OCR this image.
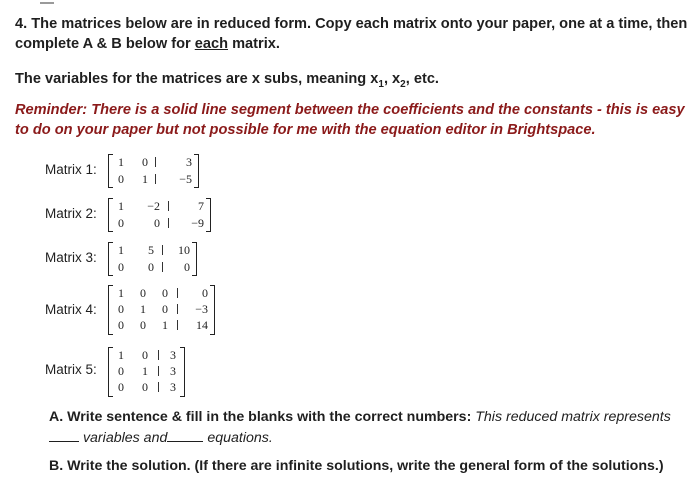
4. The matrices below are in reduced form. Copy each matrix onto your paper, one at a time, then complete A & B below for each matrix.
The variables for the matrices are x subs, meaning $x_1$, $x_2$, etc.
Reminder: There is a solid line segment between the coefficients and the constants - this is easy to do on your paper but not possible for me with the equation editor in Brightspace.
Matrix 1:	1	0	3
0	1	−5
Matrix 2:	1	−2	7
0	0	−9
Matrix 3:	1	5	10
0	0	0
Matrix 4:
1	0	0	0
0	1	0	−3
0	0	1	14
Matrix 5:
1	0	3
0	1	3
0	0	3
A. Write sentence & fill in the blanks with the correct numbers: This reduced matrix represents
variables and	equations.
B. Write the solution. (If there are infinite solutions, write the general form of the solutions.)
